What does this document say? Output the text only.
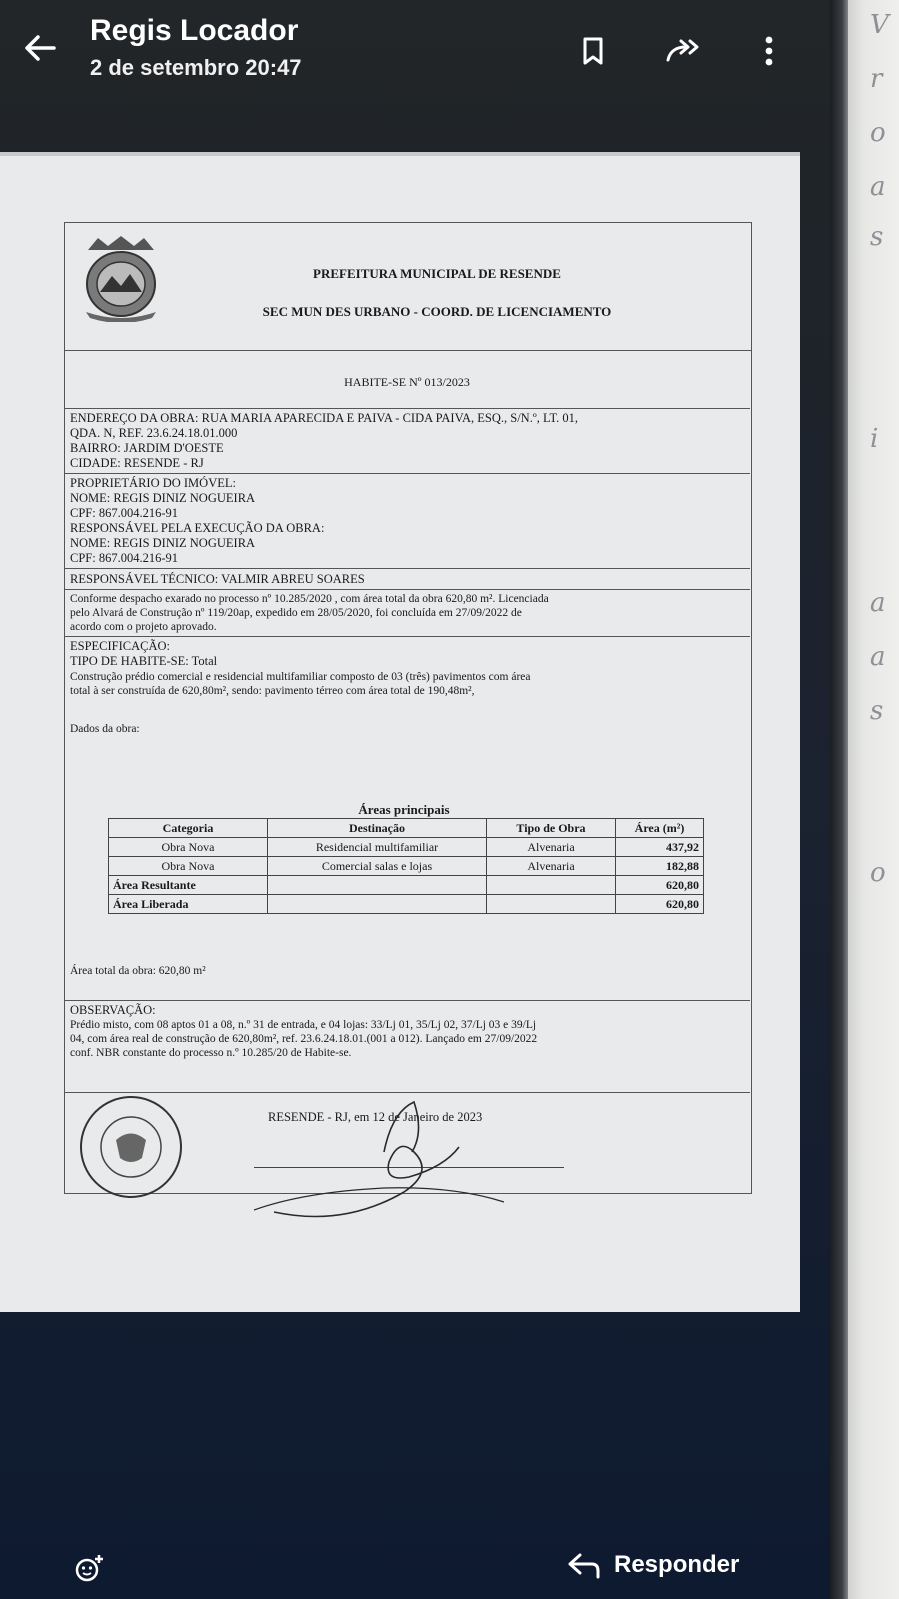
Regis Locador
2 de setembro 20:47
PREFEITURA MUNICIPAL DE RESENDE
SEC MUN DES URBANO - COORD. DE LICENCIAMENTO
HABITE-SE Nº 013/2023
ENDEREÇO DA OBRA: RUA MARIA APARECIDA E PAIVA - CIDA PAIVA, ESQ., S/N.º, LT. 01,
QDA. N, REF. 23.6.24.18.01.000
BAIRRO: JARDIM D'OESTE
CIDADE: RESENDE - RJ
PROPRIETÁRIO DO IMÓVEL:
NOME: REGIS DINIZ NOGUEIRA
CPF: 867.004.216-91
RESPONSÁVEL PELA EXECUÇÃO DA OBRA:
NOME: REGIS DINIZ NOGUEIRA
CPF: 867.004.216-91
RESPONSÁVEL TÉCNICO: VALMIR ABREU SOARES
Conforme despacho exarado no processo nº 10.285/2020 , com área total da obra 620,80 m². Licenciada
pelo Alvará de Construção nº 119/20ap, expedido em 28/05/2020, foi concluída em 27/09/2022 de
acordo com o projeto aprovado.
ESPECIFICAÇÃO:
TIPO DE HABITE-SE: Total
Construção prédio comercial e residencial multifamiliar composto de 03 (três) pavimentos com área
total à ser construída de 620,80m², sendo: pavimento térreo com área total de 190,48m²,
Dados da obra:
Áreas principais
Categoria	Destinação	Tipo de Obra	Área (m²)
Obra Nova	Residencial multifamiliar	Alvenaria	437,92
Obra Nova	Comercial salas e lojas	Alvenaria	182,88
Área Resultante			620,80
Área Liberada			620,80
Área total da obra: 620,80 m²
OBSERVAÇÃO:
Prédio misto, com 08 aptos 01 a 08, n.º 31 de entrada, e 04 lojas: 33/Lj 01, 35/Lj 02, 37/Lj 03 e 39/Lj
04, com área real de construção de 620,80m², ref. 23.6.24.18.01.(001 a 012). Lançado em 27/09/2022
conf. NBR constante do processo n.º 10.285/20 de Habite-se.
RESENDE - RJ, em 12 de Janeiro de 2023
Responder
V
r
o
a
s
i
a
a
s
o
